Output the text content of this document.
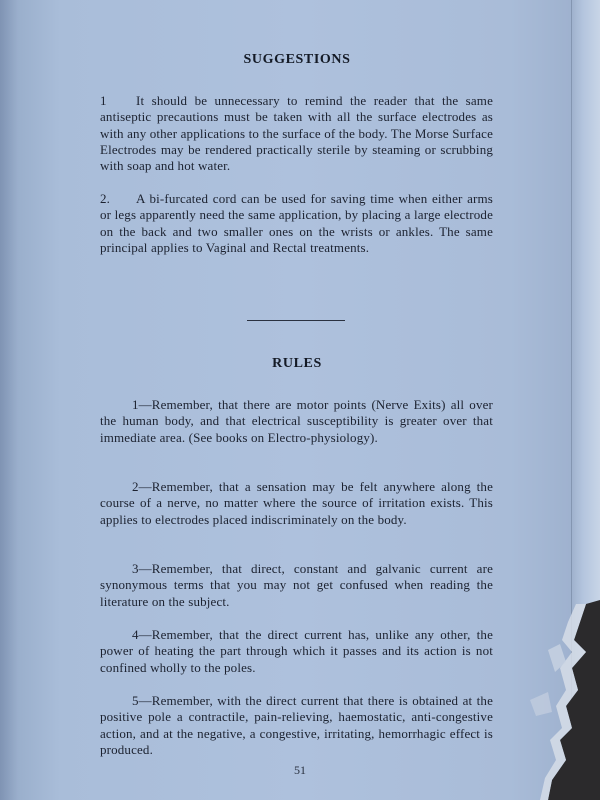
SUGGESTIONS
1 It should be unnecessary to remind the reader that the same antiseptic precautions must be taken with all the surface electrodes as with any other applications to the surface of the body. The Morse Surface Electrodes may be rendered practically sterile by steaming or scrubbing with soap and hot water.
2. A bi-furcated cord can be used for saving time when either arms or legs apparently need the same application, by placing a large electrode on the back and two smaller ones on the wrists or ankles. The same principal applies to Vaginal and Rectal treatments.
RULES
1—Remember, that there are motor points (Nerve Exits) all over the human body, and that electrical susceptibility is greater over that immediate area. (See books on Electro-physiology).
2—Remember, that a sensation may be felt anywhere along the course of a nerve, no matter where the source of irritation exists. This applies to electrodes placed indiscriminately on the body.
3—Remember, that direct, constant and galvanic current are synonymous terms that you may not get confused when reading the literature on the subject.
4—Remember, that the direct current has, unlike any other, the power of heating the part through which it passes and its action is not confined wholly to the poles.
5—Remember, with the direct current that there is obtained at the positive pole a contractile, pain-relieving, haemostatic, anti-congestive action, and at the negative, a congestive, irritating, hemorrhagic effect is produced.
51
